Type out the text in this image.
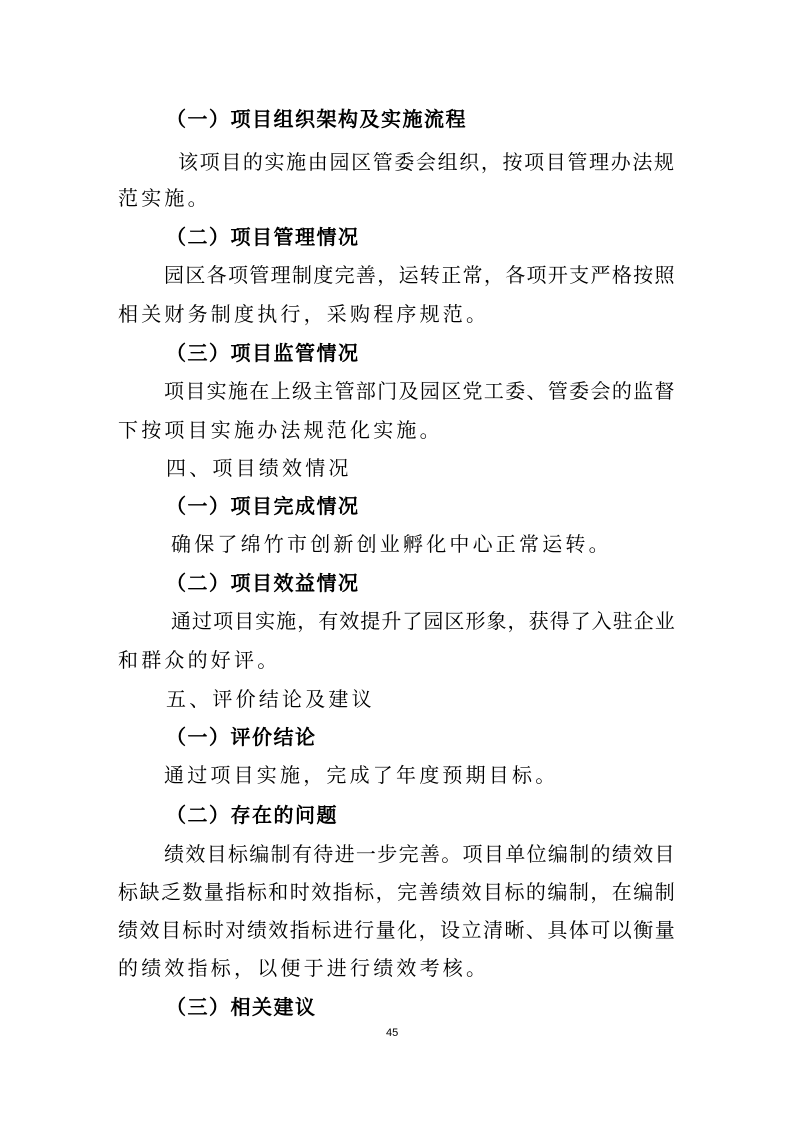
（一）项目组织架构及实施流程
该项目的实施由园区管委会组织，按项目管理办法规
范实施。
（二）项目管理情况
园区各项管理制度完善，运转正常，各项开支严格按照
相关财务制度执行，采购程序规范。
（三）项目监管情况
项目实施在上级主管部门及园区党工委、管委会的监督
下按项目实施办法规范化实施。
四、项目绩效情况
（一）项目完成情况
确保了绵竹市创新创业孵化中心正常运转。
（二）项目效益情况
通过项目实施，有效提升了园区形象，获得了入驻企业
和群众的好评。
五、评价结论及建议
（一）评价结论
通过项目实施，完成了年度预期目标。
（二）存在的问题
绩效目标编制有待进一步完善。项目单位编制的绩效目
标缺乏数量指标和时效指标，完善绩效目标的编制，在编制
绩效目标时对绩效指标进行量化，设立清晰、具体可以衡量
的绩效指标，以便于进行绩效考核。
（三）相关建议
45
